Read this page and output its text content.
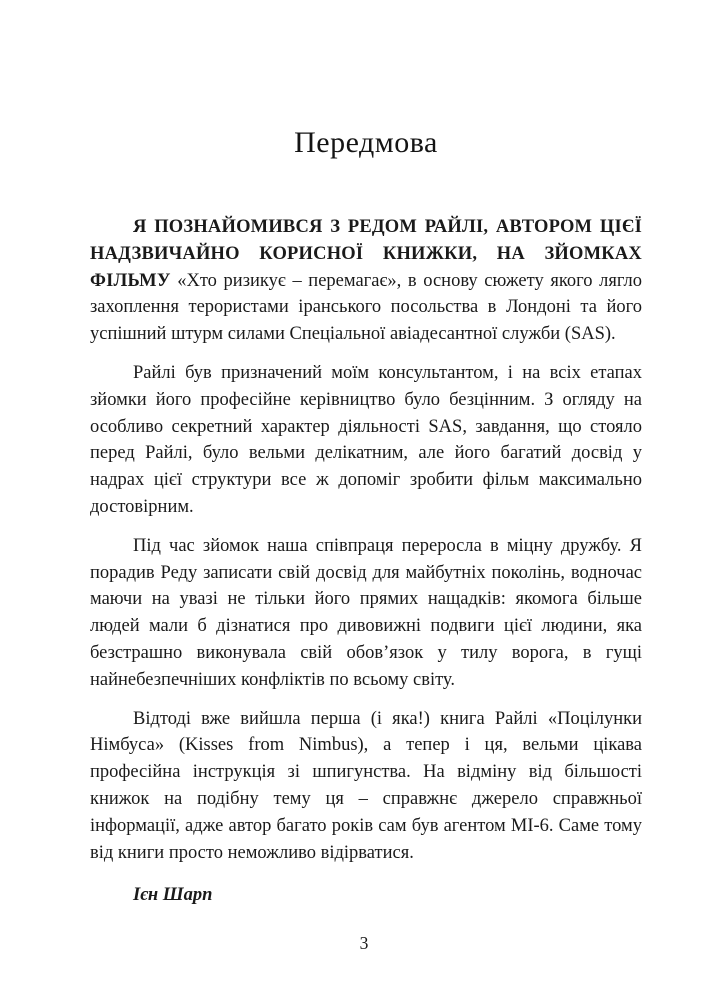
Передмова

Я ПОЗНАЙОМИВСЯ З РЕДОМ РАЙЛІ, АВТОРОМ ЦІЄЇ НАДЗВИЧАЙНО КОРИСНОЇ КНИЖКИ, НА ЗЙОМКАХ ФІЛЬМУ «Хто ризикує – перемагає», в основу сюжету якого лягло захоплення терористами іранського посольства в Лондоні та його успішний штурм силами Спеціальної авіадесантної служби (SAS).

Райлі був призначений моїм консультантом, і на всіх етапах зйомки його професійне керівництво було безцінним. З огляду на особливо секретний характер діяльності SAS, завдання, що стояло перед Райлі, було вельми делікатним, але його багатий досвід у надрах цієї структури все ж допоміг зробити фільм максимально достовірним.

Під час зйомок наша співпраця переросла в міцну дружбу. Я порадив Реду записати свій досвід для майбутніх поколінь, водночас маючи на увазі не тільки його прямих нащадків: якомога більше людей мали б дізнатися про дивовижні подвиги цієї людини, яка безстрашно виконувала свій обов’язок у тилу ворога, в гущі найнебезпечніших конфліктів по всьому світу.

Відтоді вже вийшла перша (і яка!) книга Райлі «Поцілунки Німбуса» (Kisses from Nimbus), а тепер і ця, вельми цікава професійна інструкція зі шпигунства. На відміну від більшості книжок на подібну тему ця – справжнє джерело справжньої інформації, адже автор багато років сам був агентом МІ-6. Саме тому від книги просто неможливо відірватися.

Ієн Шарп

3
